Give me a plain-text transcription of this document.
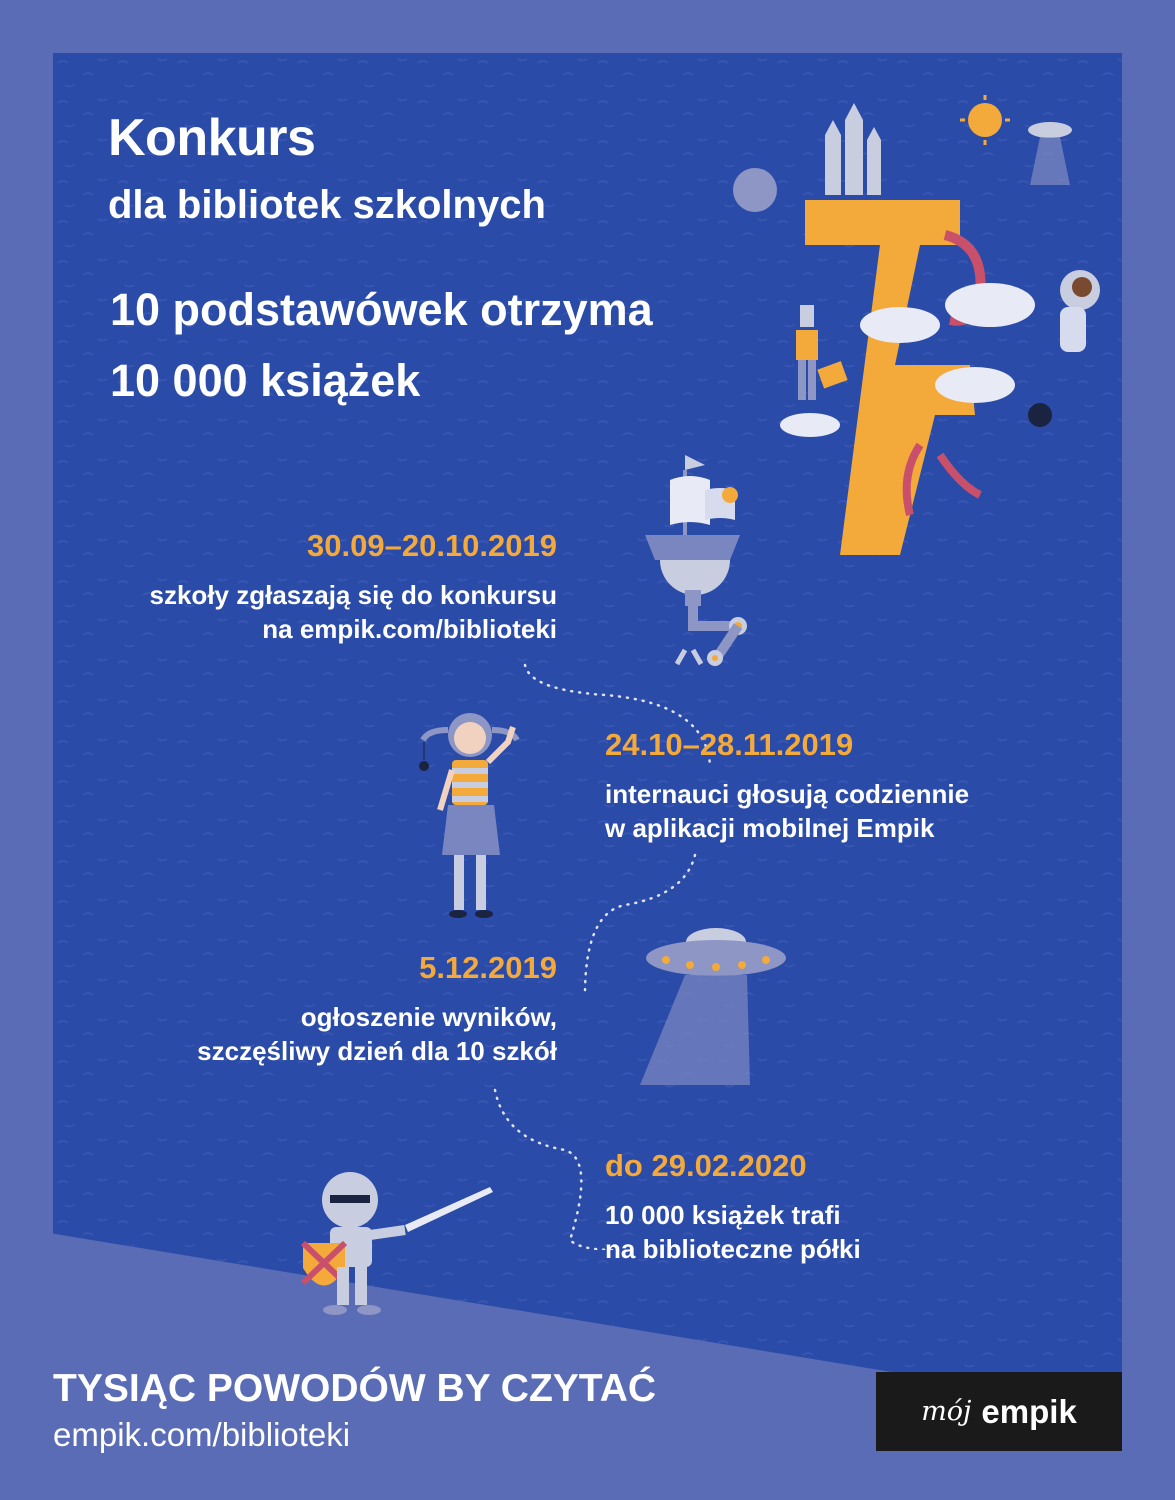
Konkurs
dla bibliotek szkolnych
10 podstawówek otrzyma
10 000 książek

30.09–20.10.2019

szkoły zgłaszają się do konkursu

na empik.com/biblioteki

24.10–28.11.2019

internauci głosują codziennie

w aplikacji mobilnej Empik

5.12.2019

ogłoszenie wyników,

szczęśliwy dzień dla 10 szkół

do 29.02.2020

10 000 książek trafi

na biblioteczne półki

TYSIĄC POWODÓW BY CZYTAĆ
empik.com/biblioteki
mój empik
